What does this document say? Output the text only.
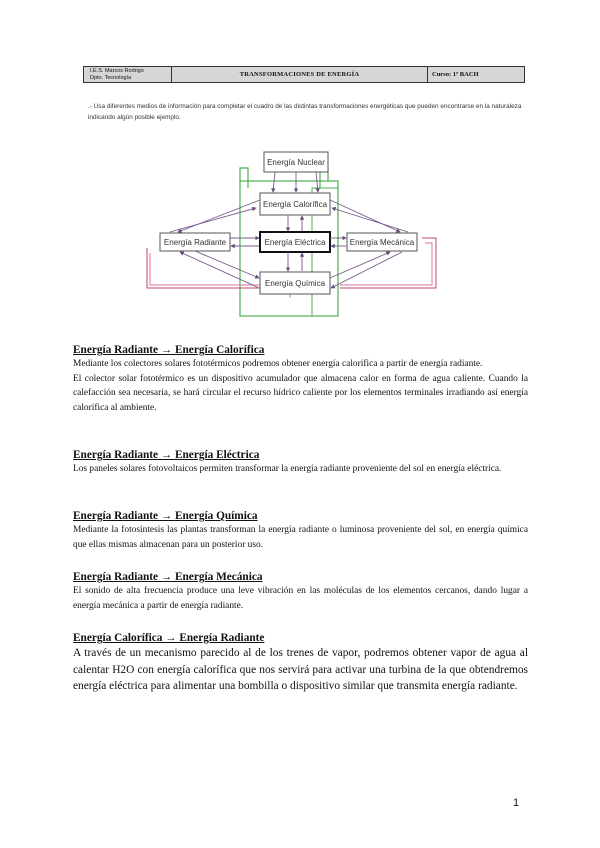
I.E.S. Marcos Rodrigo
Dpto. Tecnología	TRANSFORMACIONES DE ENERGÍA	Curso: 1º BACH
.- Usa diferentes medios de información para completar el cuadro de las distintas transformaciones energéticas que pueden encontrarse en la naturaleza indicando algún posible ejemplo.
Energía Nuclear
Energía Calorífica
Energía Radiante	Energía Eléctrica	Energía Mecánica
Energía Química
Energía Radiante → Energía Calorífica

Mediante los colectores solares fototérmicos podremos obtener energía calorífica a partir de energía radiante.

El colector solar fototérmico es un dispositivo acumulador que almacena calor en forma de agua caliente. Cuando la calefacción sea necesaria, se hará circular el recurso hídrico caliente por los elementos terminales irradiando así energía calorífica al ambiente.

Energía Radiante → Energía Eléctrica

Los paneles solares fotovoltaicos permiten transformar la energía radiante proveniente del sol en energía eléctrica.

Energía Radiante → Energía Química

Mediante la fotosíntesis las plantas transforman la energía radiante o luminosa proveniente del sol, en energía química que ellas mismas almacenan para un posterior uso.

Energía Radiante → Energía Mecánica

El sonido de alta frecuencia produce una leve vibración en las moléculas de los elementos cercanos, dando lugar a energía mecánica a partir de energía radiante.

Energía Calorífica → Energía Radiante

A través de un mecanismo parecido al de los trenes de vapor, podremos obtener vapor de agua al calentar H2O con energía calorífica que nos servirá para activar una turbina de la que obtendremos energía eléctrica para alimentar una bombilla o dispositivo similar que transmita energía radiante.

1
